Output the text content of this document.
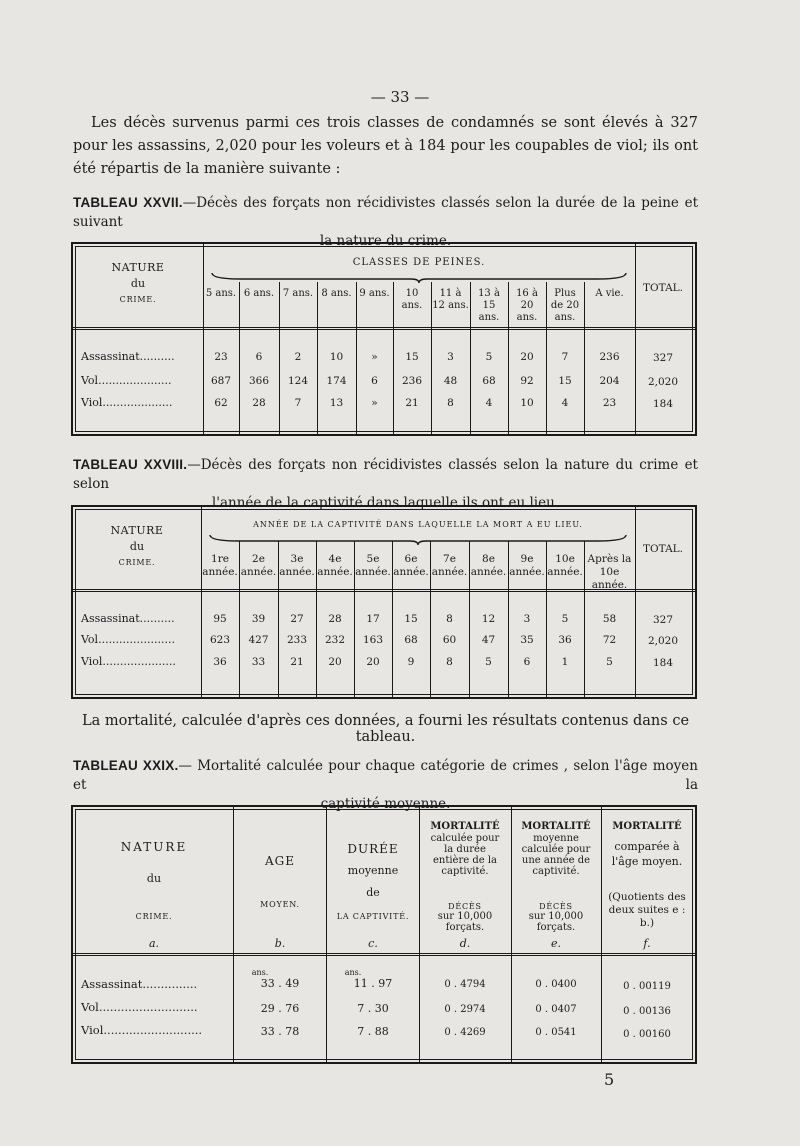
— 33 —
Les décès survenus parmi ces trois classes de condamnés se sont élevés à 327 pour les assassins, 2,020 pour les voleurs et à 184 pour les coupables de viol; ils ont été répartis de la manière suivante :
TABLEAU XXVII.—Décès des forçats non récidivistes classés selon la durée de la peine et suivant
la nature du crime.
NATURE
du
CRIME.
CLASSES DE PEINES.
5 ans. 6 ans. 7 ans. 8 ans. 9 ans.	10 ans.
11 à 12 ans.
13 à 15 ans.
16 à 20 ans.
Plus de 20 ans.
A vie.	TOTAL.
Assassinat..........	23	6	2	10	»	15	3	5	20	7	236	327
Vol.....................	687	366	124	174	6	236	48	68	92	15	204	2,020
Viol....................	62	28	7	13	»	21	8	4	10	4	23	184
TABLEAU XXVIII.—Décès des forçats non récidivistes classés selon la nature du crime et selon
l'année de la captivité dans laquelle ils ont eu lieu.
NATURE
du
CRIME.
ANNÉE DE LA CAPTIVITÉ DANS LAQUELLE LA MORT A EU LIEU.
1re année.
2e année.
3e année.
4e année.
5e année.
6e année.
7e année.
8e année.
9e année.
10e année.
Après la 10e année.
TOTAL.
Assassinat..........	95	39	27	28	17	15	8	12	3	5	58	327
Vol......................	623	427	233	232	163	68	60	47	35	36	72	2,020
Viol.....................	36	33	21	20	20	9	8	5	6	1	5	184
La mortalité, calculée d'après ces données, a fourni les résultats contenus dans ce tableau.
TABLEAU XXIX.— Mortalité calculée pour chaque catégorie de crimes , selon l'âge moyen et la
captivité moyenne.
NATURE
du
CRIME.
AGE
MOYEN.
DURÉE
moyenne
de
LA CAPTIVITÉ.
MORTALITÉ
calculée pour la durée entière de la captivité.
DÉCÈS
sur 10,000 forçats.
MORTALITÉ
moyenne calculée pour une année de captivité.
DÉCÈS
sur 10,000 forçats.
MORTALITÉ
comparée à l'âge moyen.
(Quotients des deux suites e : b.)
a.	b.	c.	d.	e.	f.
ans.	ans.
Assassinat...............	33 . 49	11 . 97	0 . 4794	0 . 0400	0 . 00119
Vol...........................	29 . 76	7 . 30	0 . 2974	0 . 0407	0 . 00136
Viol...........................	33 . 78	7 . 88	0 . 4269	0 . 0541	0 . 00160
5
